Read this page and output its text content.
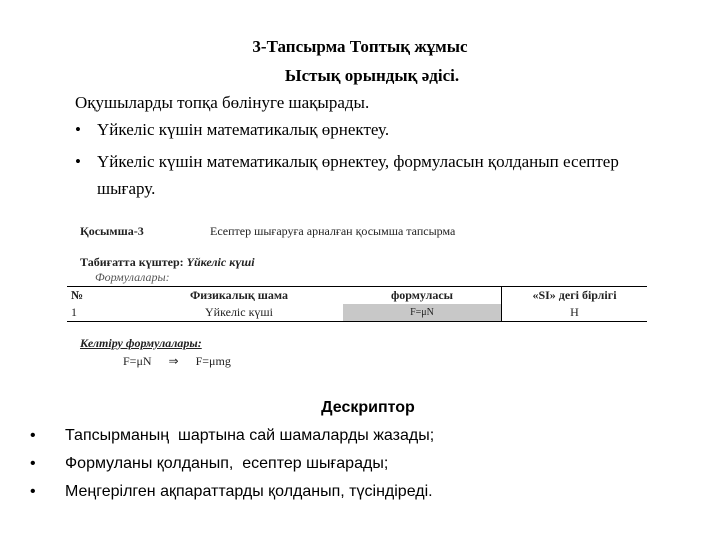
3-Тапсырма Топтық жұмыс
Ыстық орындық әдісі.
Оқушыларды топқа бөлінуге шақырады.
• Үйкеліс күшін математикалық өрнектеу.
• Үйкеліс күшін математикалық өрнектеу, формуласын қолданып есептер шығару.
Қосымша-3	Есептер шығаруға арналған қосымша тапсырма
Табиғатта күштер: Үйкеліс күші
Формулалары:
№	Физикалық шама	формуласы	«SI» дегі бірлігі
1	Үйкеліс күші	F=μN	Н
Келтіру формулалары:
F=μN ⇒ F=μmg
Дескриптор
• Тапсырманың  шартына сай шамаларды жазады;
• Формуланы қолданып,  есептер шығарады;
• Меңгерілген ақпараттарды қолданып, түсіндіреді.
